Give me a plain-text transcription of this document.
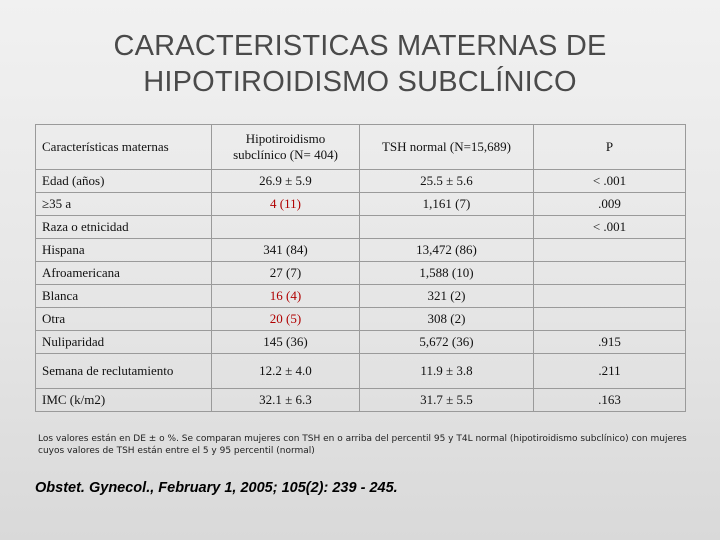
CARACTERISTICAS MATERNAS DE
HIPOTIROIDISMO SUBCLÍNICO
Características maternas	Hipotiroidismo subclínico (N= 404)	TSH normal (N=15,689)	P
Edad (años)	26.9 ± 5.9	25.5 ± 5.6	< .001
≥35 a	4 (11)	1,161 (7)	.009
Raza o etnicidad			< .001
Hispana	341 (84)	13,472 (86)	
Afroamericana	27 (7)	1,588 (10)	
Blanca	16 (4)	321 (2)	
Otra	20 (5)	308 (2)	
Nuliparidad	145 (36)	5,672 (36)	.915
Semana de reclutamiento	12.2 ± 4.0	11.9 ± 3.8	.211
IMC (k/m2)	32.1 ± 6.3	31.7 ± 5.5	.163
Los valores están en DE ± o %. Se comparan mujeres con TSH en o arriba del percentil 95 y T4L normal (hipotiroidismo subclínico) con mujeres cuyos valores de TSH están entre el 5 y 95 percentil (normal)
Obstet. Gynecol., February 1, 2005; 105(2): 239 - 245.
